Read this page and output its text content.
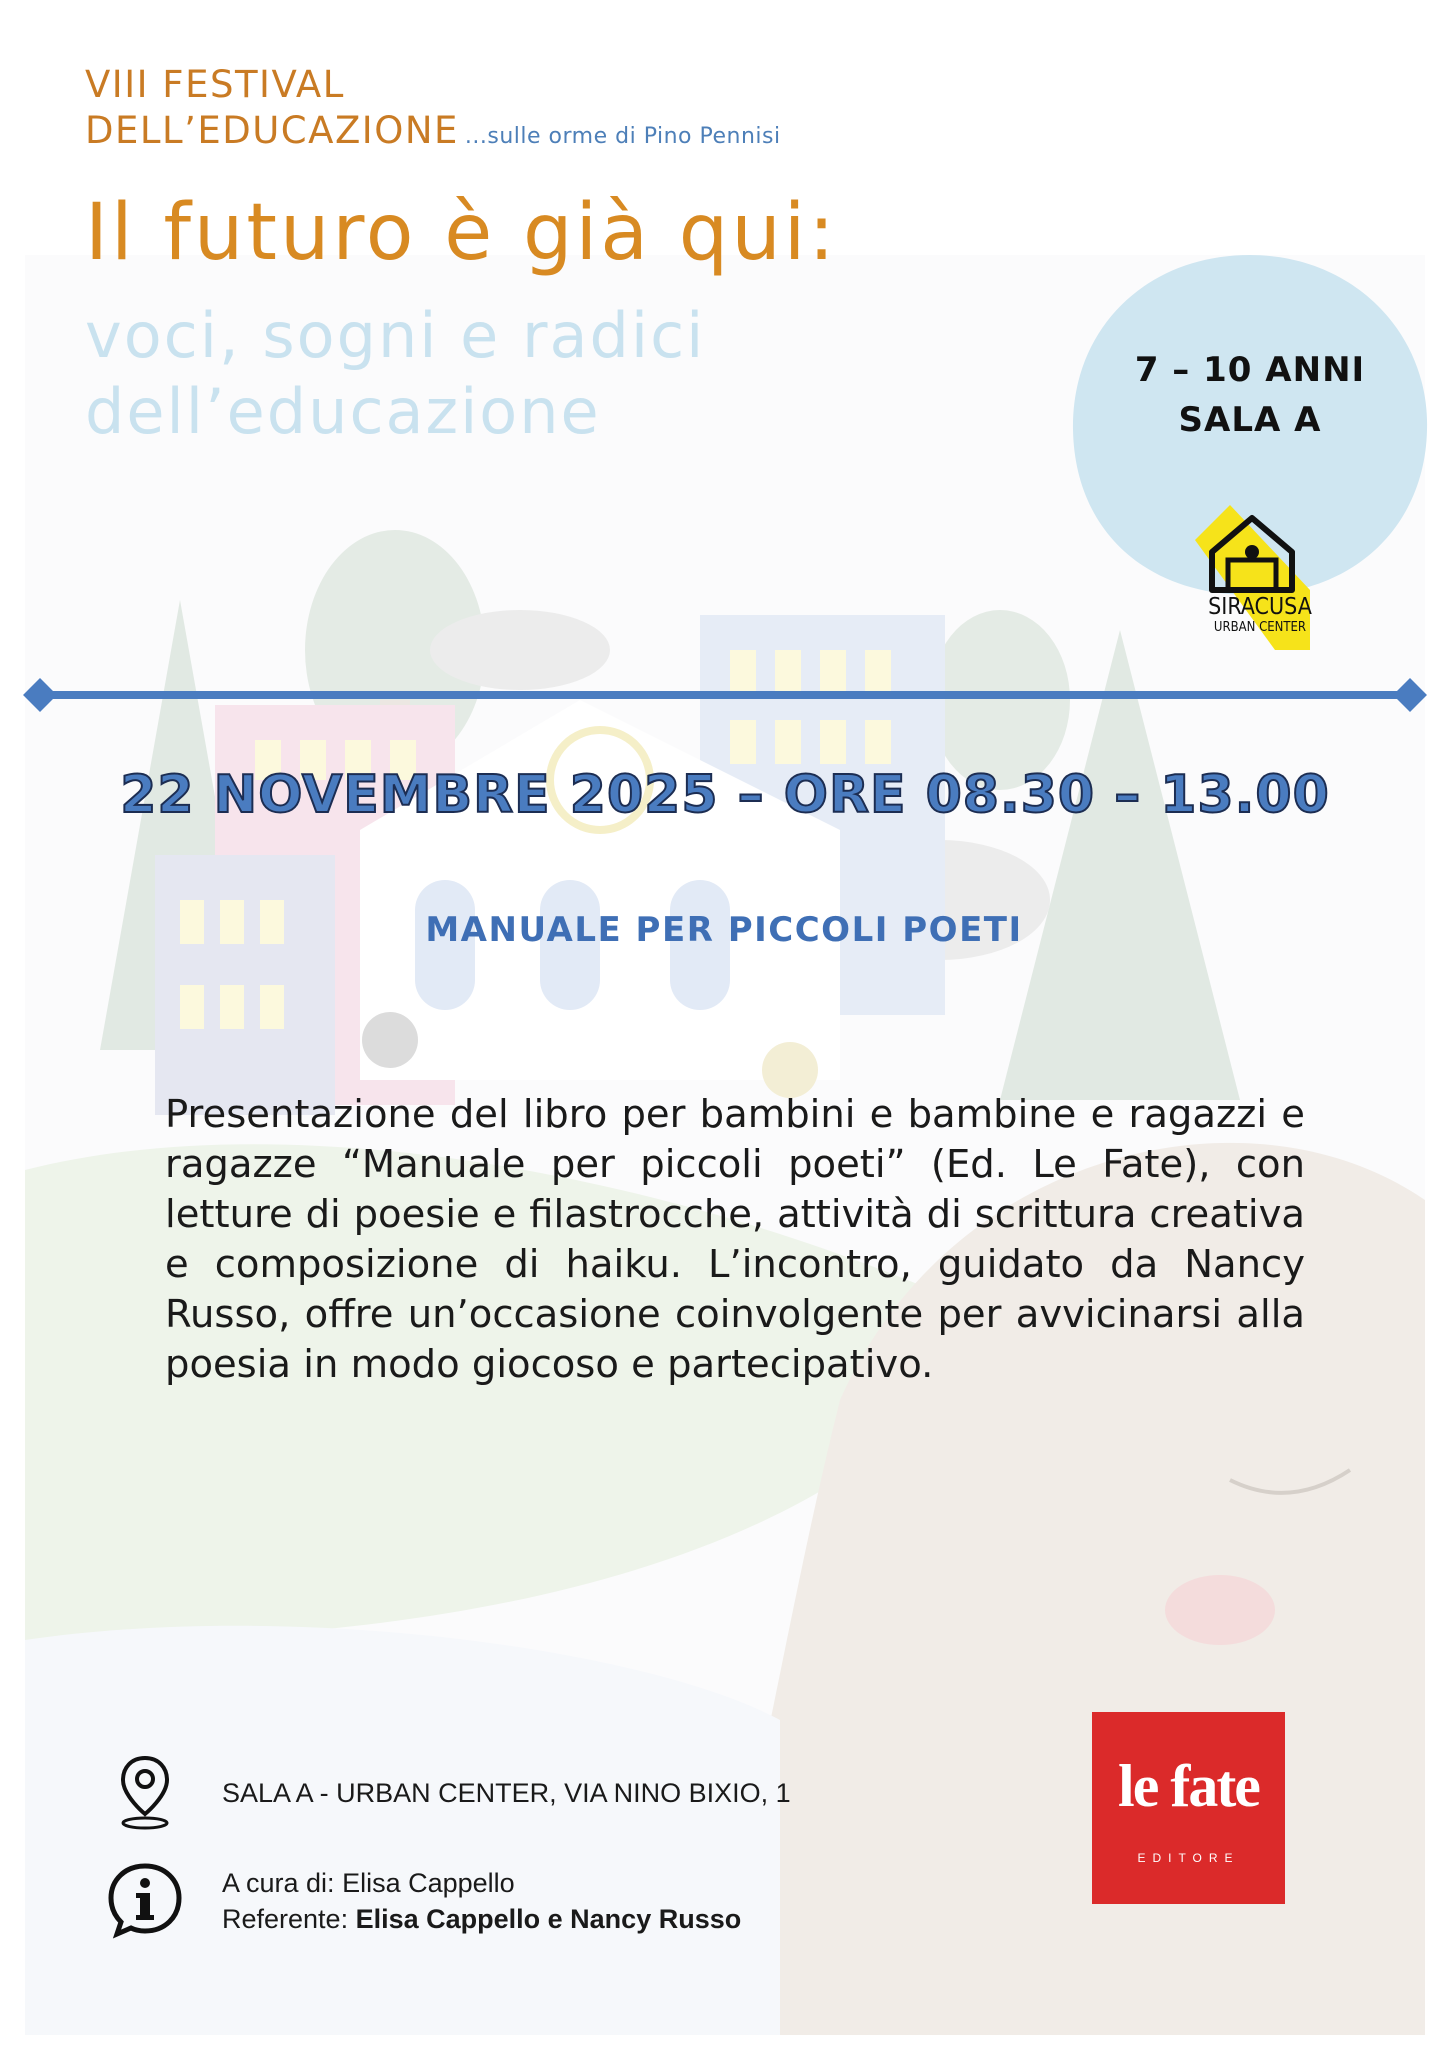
VIII FESTIVAL
DELL’EDUCAZIONE ...sulle orme di Pino Pennisi
Il futuro è già qui:
voci, sogni e radici
dell’educazione
7 – 10 ANNI
SALA A
SIRACUSA
URBAN CENTER
22 NOVEMBRE 2025 – ORE 08.30 – 13.00
MANUALE PER PICCOLI POETI
Presentazione del libro per bambini e bambine e ragazzi e ragazze “Manuale per piccoli poeti” (Ed. Le Fate), con letture di poesie e filastrocche, attività di scrittura creativa e composizione di haiku. L’incontro, guidato da Nancy Russo, offre un’occasione coinvolgente per avvicinarsi alla poesia in modo giocoso e partecipativo.
SALA A - URBAN CENTER, VIA NINO BIXIO, 1
A cura di: Elisa Cappello
Referente: Elisa Cappello e Nancy Russo
le fate
EDITORE
